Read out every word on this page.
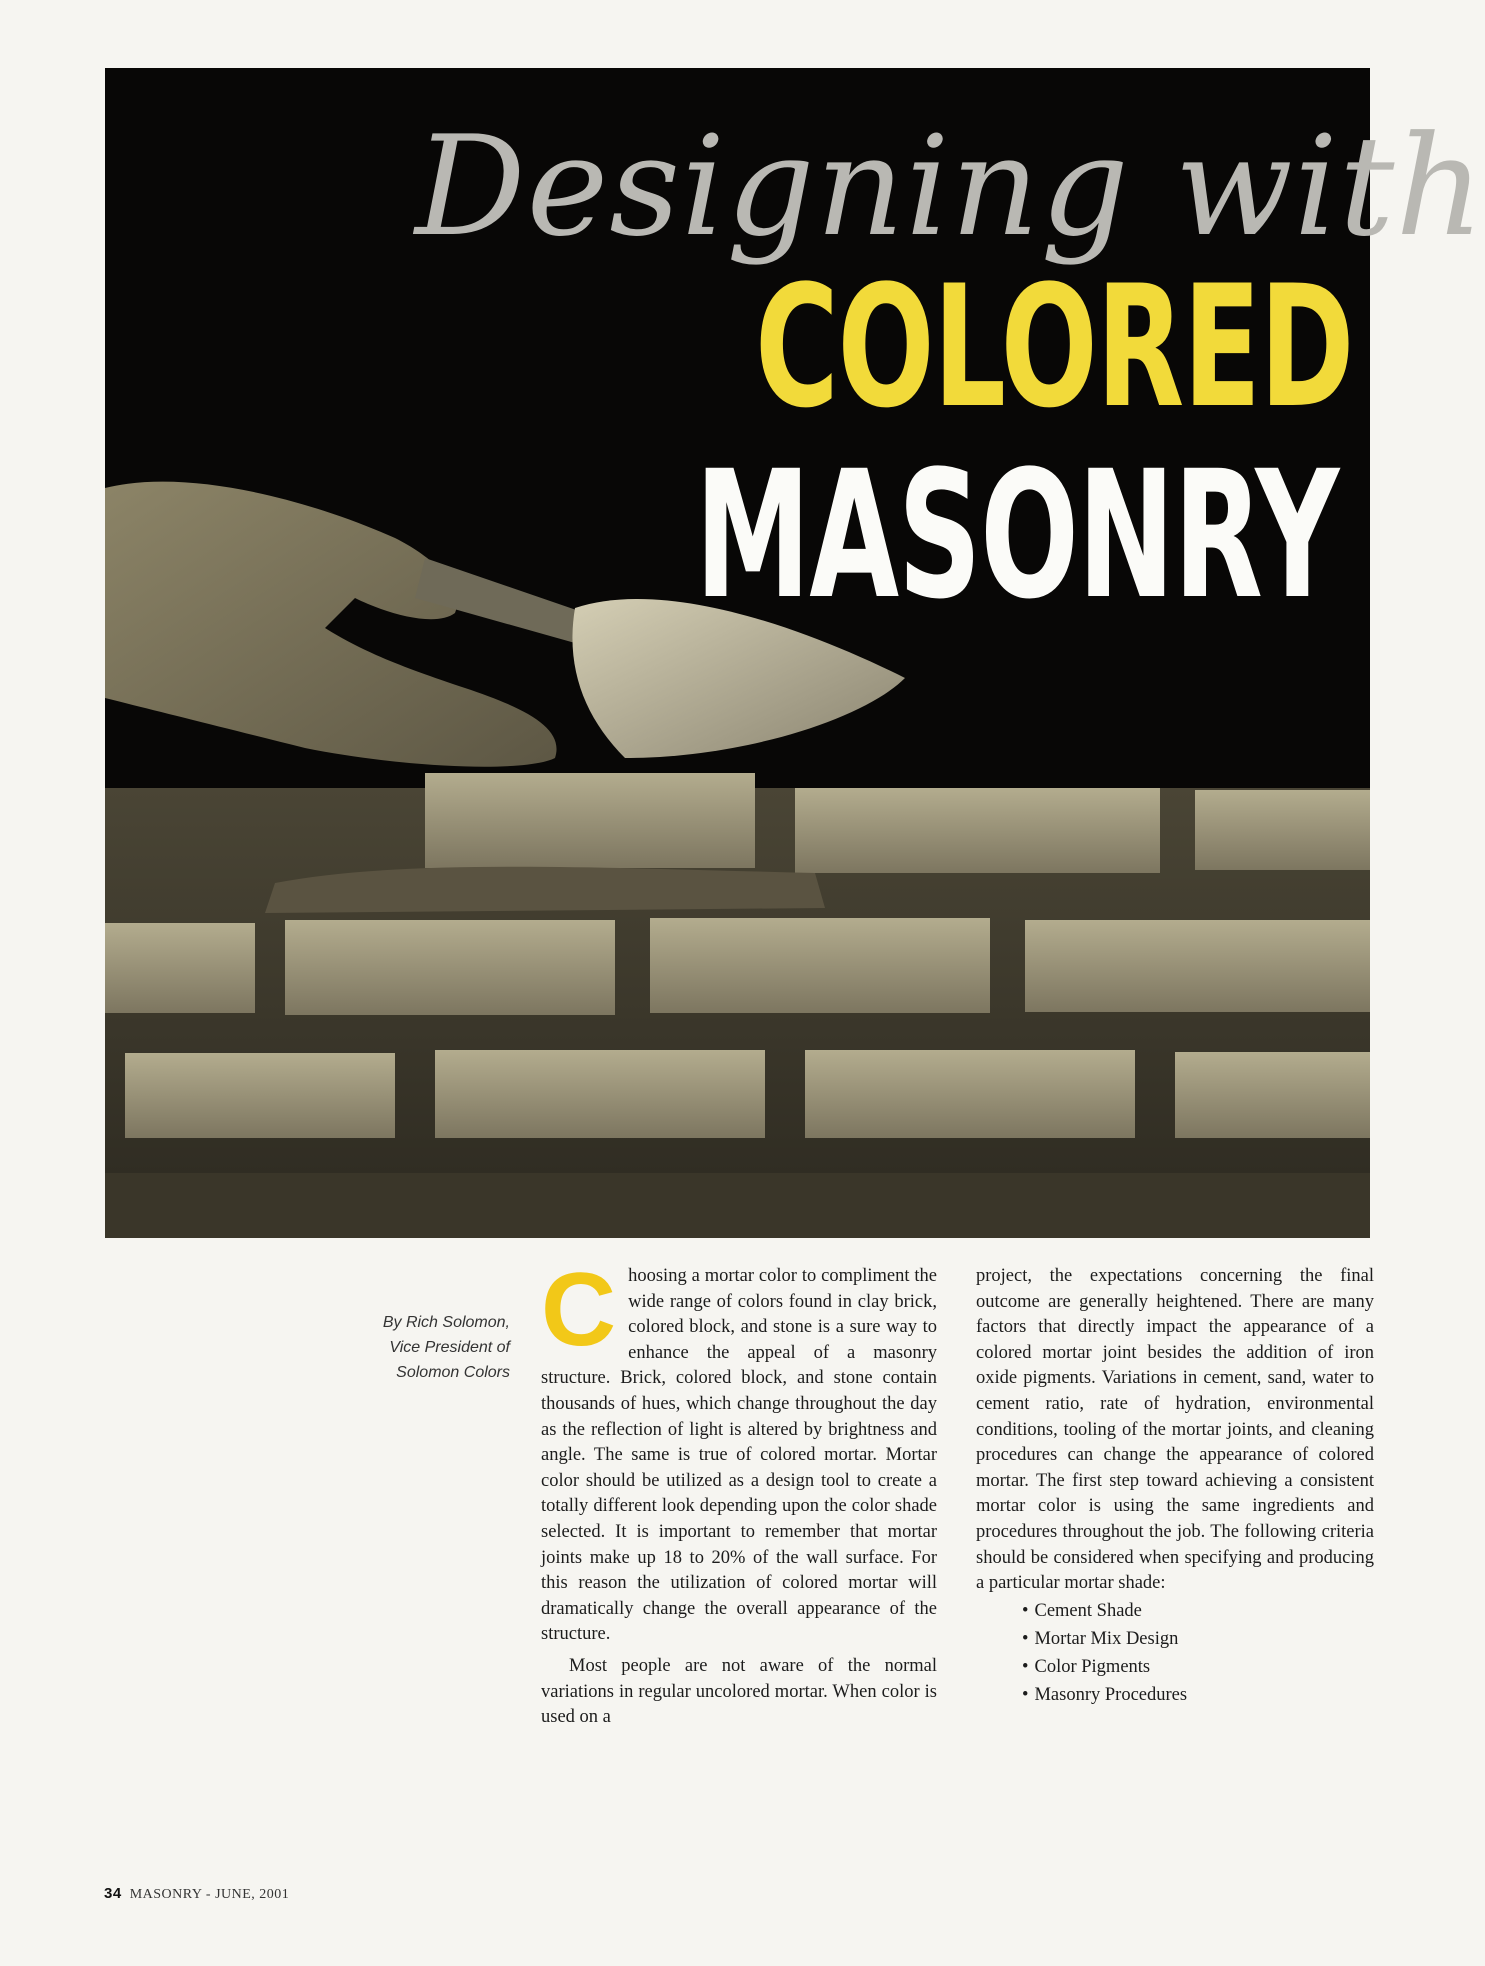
Designing with
COLORED
MASONRY
By Rich Solomon,
Vice President of
Solomon Colors

Choosing a mortar color to compliment the wide range of colors found in clay brick, colored block, and stone is a sure way to enhance the appeal of a masonry structure. Brick, colored block, and stone contain thousands of hues, which change throughout the day as the reflection of light is altered by brightness and angle. The same is true of colored mortar. Mortar color should be utilized as a design tool to create a totally different look depending upon the color shade selected. It is important to remember that mortar joints make up 18 to 20% of the wall surface. For this reason the utilization of colored mortar will dramatically change the overall appearance of the structure.

Most people are not aware of the normal variations in regular uncolored mortar. When color is used on a

project, the expectations concerning the final outcome are generally heightened. There are many factors that directly impact the appearance of a colored mortar joint besides the addition of iron oxide pigments. Variations in cement, sand, water to cement ratio, rate of hydration, environmental conditions, tooling of the mortar joints, and cleaning procedures can change the appearance of colored mortar. The first step toward achieving a consistent mortar color is using the same ingredients and procedures throughout the job. The following criteria should be considered when specifying and producing a particular mortar shade:

• Cement Shade
• Mortar Mix Design
• Color Pigments
• Masonry Procedures
34 MASONRY - JUNE, 2001
